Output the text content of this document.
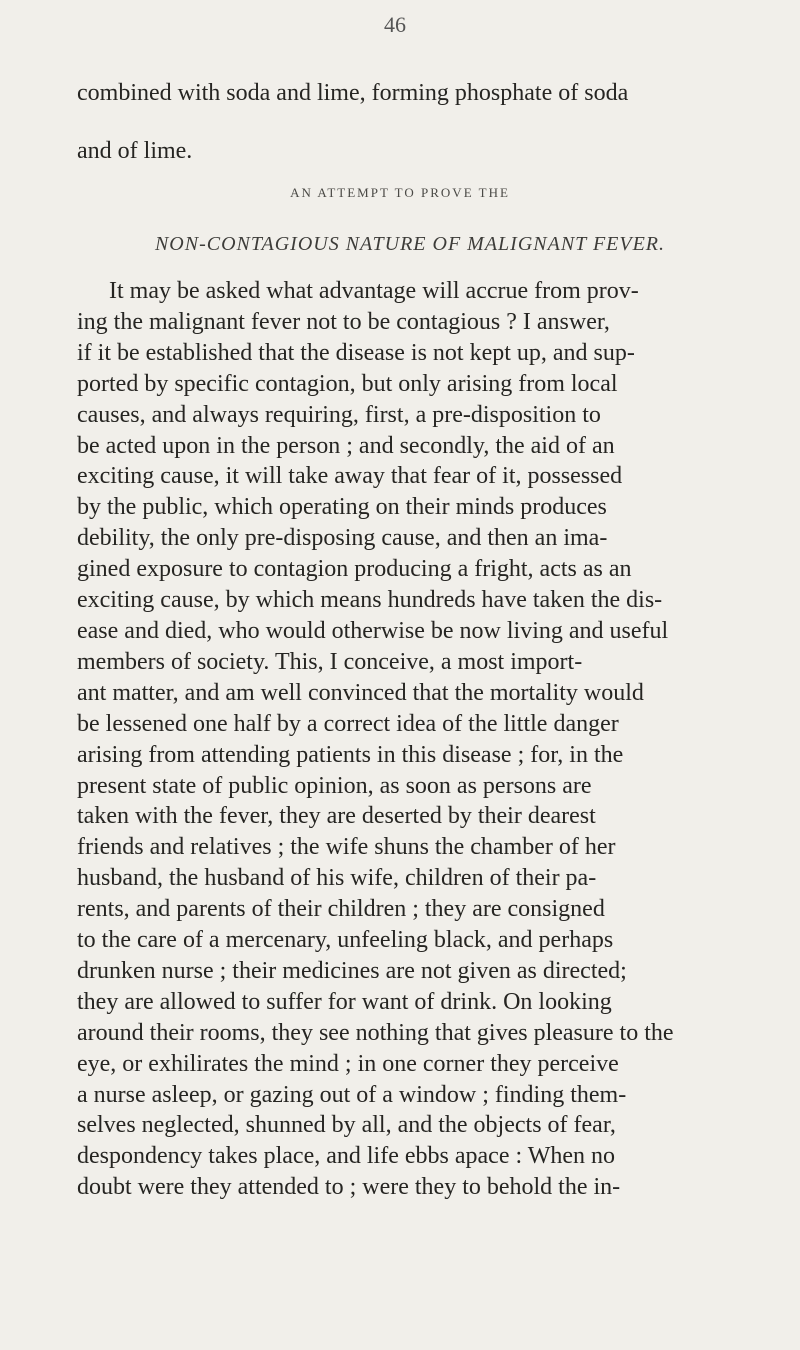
46

combined with soda and lime, forming phosphate of soda

and of lime.

AN ATTEMPT TO PROVE THE
NON-CONTAGIOUS NATURE OF MALIGNANT FEVER.
It may be asked what advantage will accrue from prov-
ing the malignant fever not to be contagious ? I answer,
if it be established that the disease is not kept up, and sup-
ported by specific contagion, but only arising from local
causes, and always requiring, first, a pre-disposition to
be acted upon in the person ; and secondly, the aid of an
exciting cause, it will take away that fear of it, possessed
by the public, which operating on their minds produces
debility, the only pre-disposing cause, and then an ima-
gined exposure to contagion producing a fright, acts as an
exciting cause, by which means hundreds have taken the dis-
ease and died, who would otherwise be now living and useful
members of society. This, I conceive, a most import-
ant matter, and am well convinced that the mortality would
be lessened one half by a correct idea of the little danger
arising from attending patients in this disease ; for, in the
present state of public opinion, as soon as persons are
taken with the fever, they are deserted by their dearest
friends and relatives ; the wife shuns the chamber of her
husband, the husband of his wife, children of their pa-
rents, and parents of their children ; they are consigned
to the care of a mercenary, unfeeling black, and perhaps
drunken nurse ; their medicines are not given as directed;
they are allowed to suffer for want of drink. On looking
around their rooms, they see nothing that gives pleasure to the
eye, or exhilirates the mind ; in one corner they perceive
a nurse asleep, or gazing out of a window ; finding them-
selves neglected, shunned by all, and the objects of fear,
despondency takes place, and life ebbs apace : When no
doubt were they attended to ; were they to behold the in-
